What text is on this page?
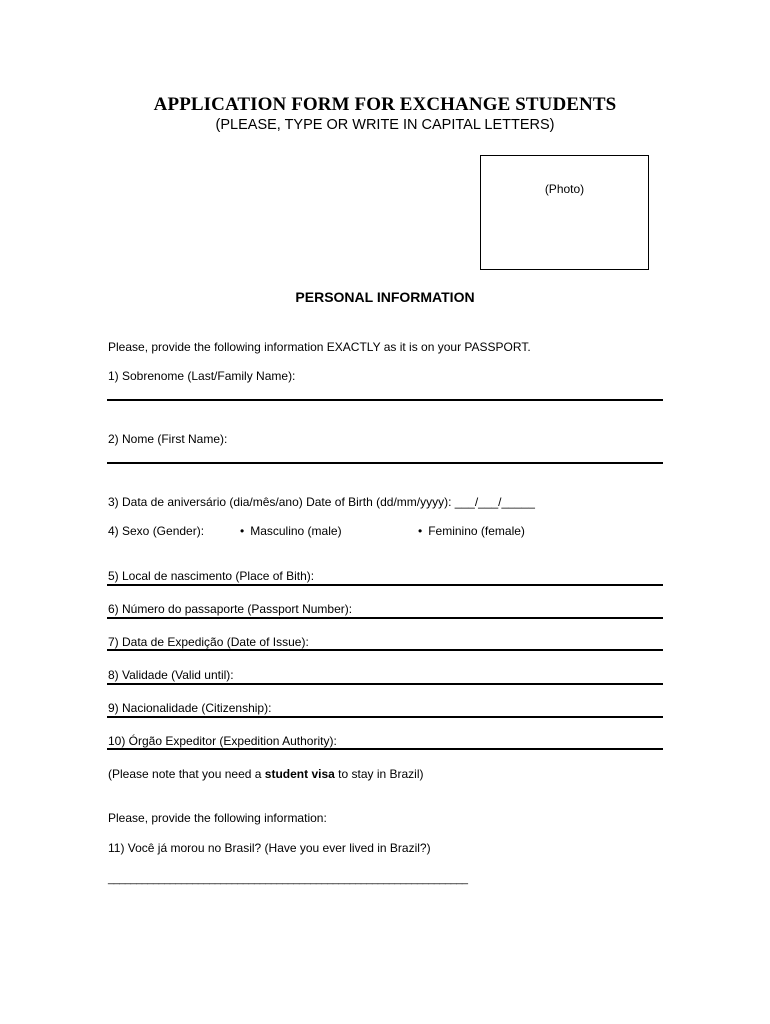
APPLICATION FORM FOR EXCHANGE STUDENTS
(PLEASE, TYPE OR WRITE IN CAPITAL LETTERS)
(Photo)
PERSONAL INFORMATION
Please, provide the following information EXACTLY as it is on your PASSPORT.
1) Sobrenome (Last/Family Name):
2) Nome (First Name):
3) Data de aniversário (dia/mês/ano) Date of Birth (dd/mm/yyyy): ___/___/_____
4) Sexo (Gender):	• Masculino (male)	• Feminino (female)
5) Local de nascimento (Place of Bith):
6) Número do passaporte (Passport Number):
7) Data de Expedição (Date of Issue):
8) Validade (Valid until):
9) Nacionalidade (Citizenship):
10) Órgão Expeditor (Expedition Authority):
(Please note that you need a student visa to stay in Brazil)
Please, provide the following information:
11) Você já morou no Brasil? (Have you ever lived in Brazil?)
________________________________________________________________
